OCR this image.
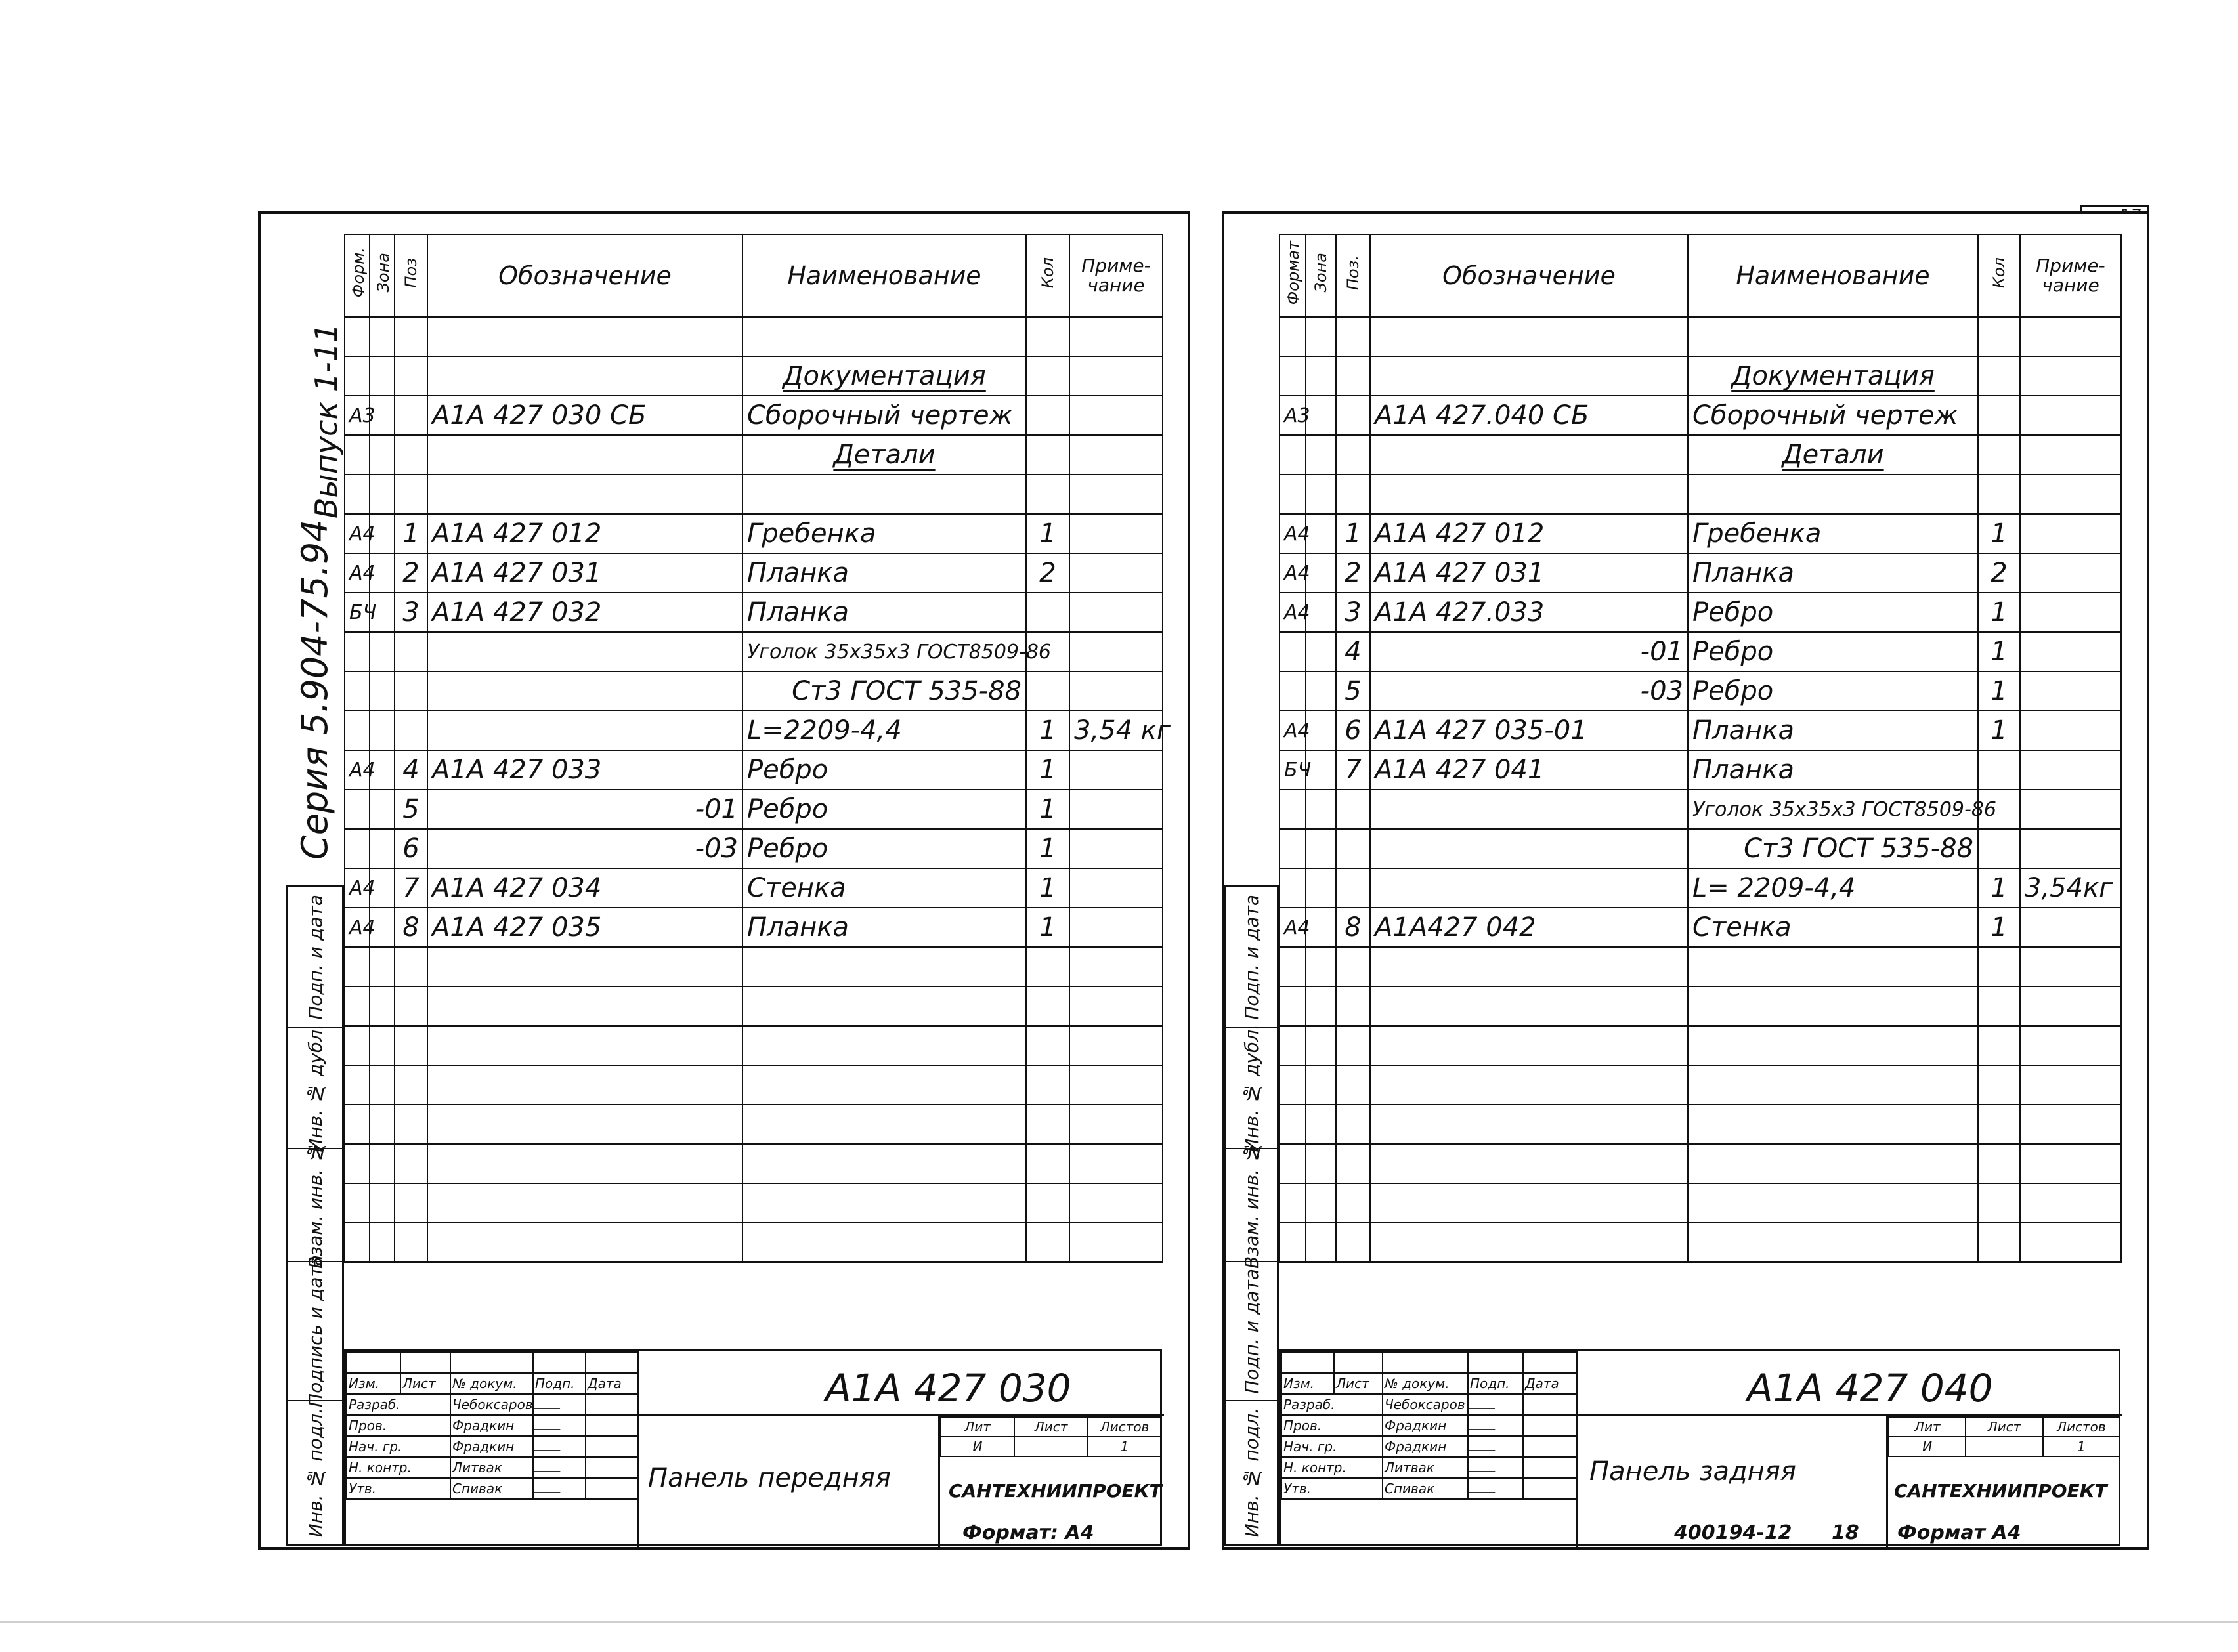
Серия 5.904-75.94
Выпуск 1-11
Подп. и дата
Инв. № дубл.
Взам. инв. №
Подпись и дата
Инв. № подл.
Форм.	Зона	Поз	Обозначение	Наименование	Кол	Приме- чание

				Документация		
А3			А1А 427 030 СБ	Сборочный чертеж		
				Детали		

А4		1	А1А 427 012	Гребенка	1	
А4		2	А1А 427 031	Планка	2	
БЧ		3	А1А 427 032	Планка		
				Уголок 35х35х3 ГОСТ8509-86		
				Ст3 ГОСТ 535-88		
				L=2209-4,4	1	3,54 кг
А4		4	А1А 427 033	Ребро	1	
		5	-01	Ребро	1	
		6	-03	Ребро	1	
А4		7	А1А 427 034	Стенка	1	
А4		8	А1А 427 035	Планка	1	

Изм.	Лист	№ докум.	Подп.	Дата
Разраб.		Чебоксаров		
Пров.		Фрадкин		
Нач. гр.		Фрадкин		
Н. контр.		Литвак		
Утв.		Спивак		
А1А 427 030
Панель передняя
Лит	Лист	Листов
И		1
САНТЕХНИИПРОЕКТ
Формат: А4
Подп. и дата
Инв. № дубл.
Взам. инв. №
Подп. и дата
Инв. № подл.
Формат	Зона	Поз.	Обозначение	Наименование	Кол	Приме- чание

				Документация		
А3			А1А 427.040 СБ	Сборочный чертеж		
				Детали		

А4		1	А1А 427 012	Гребенка	1	
А4		2	А1А 427 031	Планка	2	
А4		3	А1А 427.033	Ребро	1	
		4	-01	Ребро	1	
		5	-03	Ребро	1	
А4		6	А1А 427 035-01	Планка	1	
БЧ		7	А1А 427 041	Планка		
				Уголок 35х35х3 ГОСТ8509-86		
				Ст3 ГОСТ 535-88		
				L= 2209-4,4	1	3,54кг
А4		8	А1А427 042	Стенка	1	

Изм.	Лист	№ докум.	Подп.	Дата
Разраб.		Чебоксаров		
Пров.		Фрадкин		
Нач. гр.		Фрадкин		
Н. контр.		Литвак		
Утв.		Спивак		
А1А 427 040
Панель задняя
Лит	Лист	Листов
И		1
САНТЕХНИИПРОЕКТ
400194-12 18 Формат А4
